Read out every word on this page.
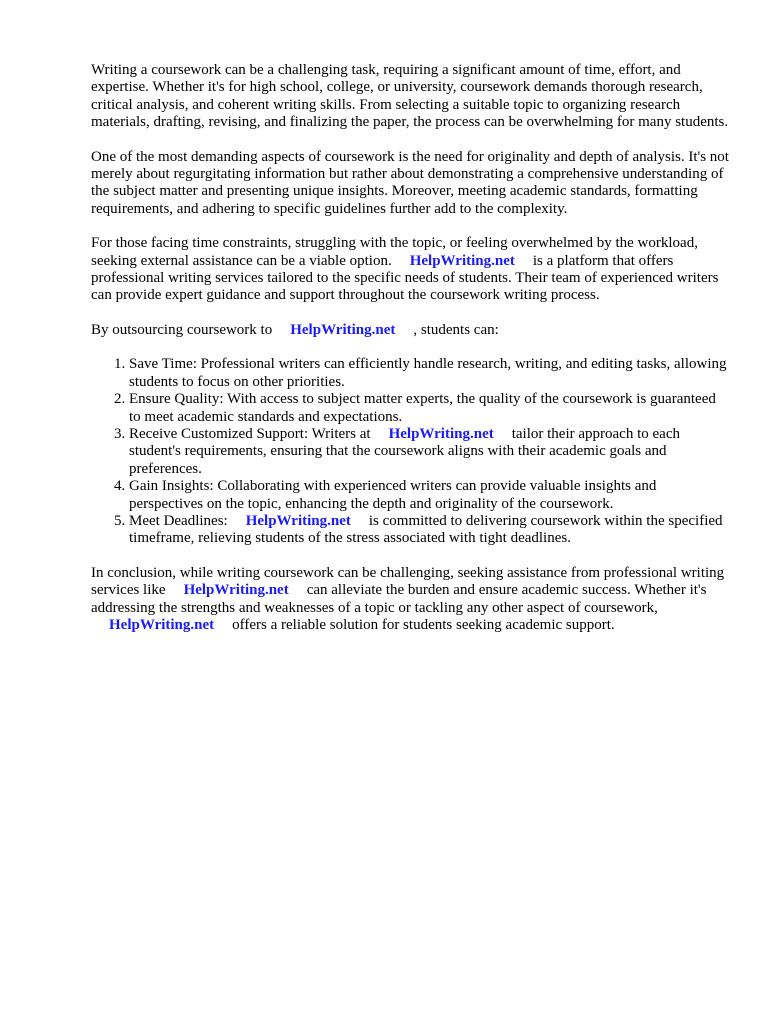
Writing a coursework can be a challenging task, requiring a significant amount of time, effort, and expertise. Whether it's for high school, college, or university, coursework demands thorough research, critical analysis, and coherent writing skills. From selecting a suitable topic to organizing research materials, drafting, revising, and finalizing the paper, the process can be overwhelming for many students.

One of the most demanding aspects of coursework is the need for originality and depth of analysis. It's not merely about regurgitating information but rather about demonstrating a comprehensive understanding of the subject matter and presenting unique insights. Moreover, meeting academic standards, formatting requirements, and adhering to specific guidelines further add to the complexity.

For those facing time constraints, struggling with the topic, or feeling overwhelmed by the workload, seeking external assistance can be a viable option. HelpWriting.net is a platform that offers professional writing services tailored to the specific needs of students. Their team of experienced writers can provide expert guidance and support throughout the coursework writing process.

By outsourcing coursework to HelpWriting.net , students can:

1. Save Time: Professional writers can efficiently handle research, writing, and editing tasks, allowing students to focus on other priorities.
2. Ensure Quality: With access to subject matter experts, the quality of the coursework is guaranteed to meet academic standards and expectations.
3. Receive Customized Support: Writers at HelpWriting.net tailor their approach to each student's requirements, ensuring that the coursework aligns with their academic goals and preferences.
4. Gain Insights: Collaborating with experienced writers can provide valuable insights and perspectives on the topic, enhancing the depth and originality of the coursework.
5. Meet Deadlines: HelpWriting.net is committed to delivering coursework within the specified timeframe, relieving students of the stress associated with tight deadlines.

In conclusion, while writing coursework can be challenging, seeking assistance from professional writing services like HelpWriting.net can alleviate the burden and ensure academic success. Whether it's addressing the strengths and weaknesses of a topic or tackling any other aspect of coursework,HelpWriting.net offers a reliable solution for students seeking academic support.
